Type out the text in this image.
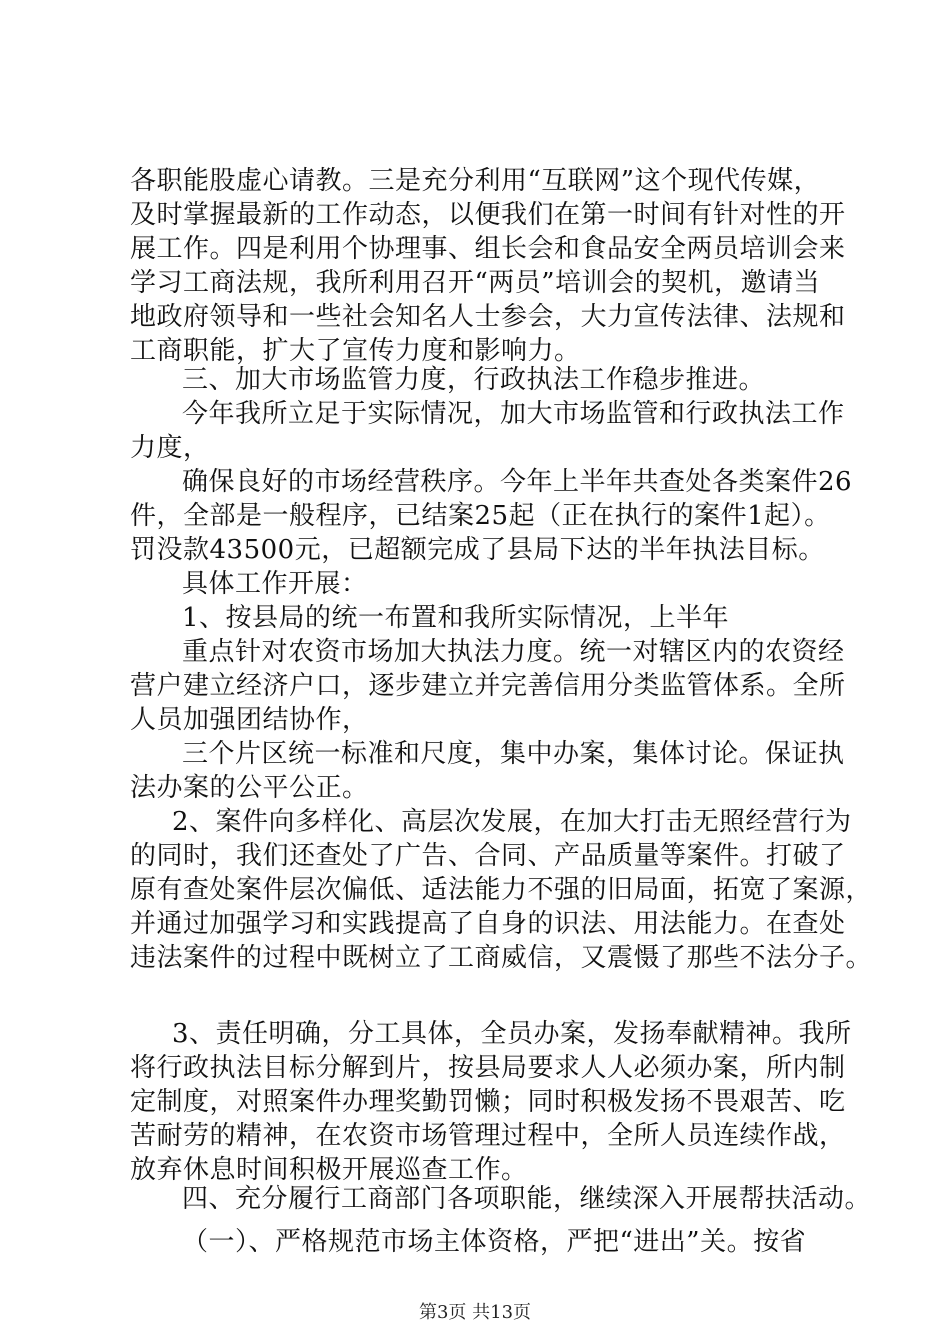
各职能股虚心请教。三是充分利用“互联网”这个现代传媒，
及时掌握最新的工作动态，以便我们在第一时间有针对性的开
展工作。四是利用个协理事、组长会和食品安全两员培训会来
学习工商法规，我所利用召开“两员”培训会的契机，邀请当
地政府领导和一些社会知名人士参会，大力宣传法律、法规和
工商职能，扩大了宣传力度和影响力。
三、加大市场监管力度，行政执法工作稳步推进。
今年我所立足于实际情况，加大市场监管和行政执法工作
力度，
确保良好的市场经营秩序。今年上半年共查处各类案件26
件，全部是一般程序，已结案25起（正在执行的案件1起）。
罚没款43500元，已超额完成了县局下达的半年执法目标。
具体工作开展：
1、按县局的统一布置和我所实际情况，上半年
重点针对农资市场加大执法力度。统一对辖区内的农资经
营户建立经济户口，逐步建立并完善信用分类监管体系。全所
人员加强团结协作，
三个片区统一标准和尺度，集中办案，集体讨论。保证执
法办案的公平公正。
2、案件向多样化、高层次发展，在加大打击无照经营行为
的同时，我们还查处了广告、合同、产品质量等案件。打破了
原有查处案件层次偏低、适法能力不强的旧局面，拓宽了案源，
并通过加强学习和实践提高了自身的识法、用法能力。在查处
违法案件的过程中既树立了工商威信，又震慑了那些不法分子。
3、责任明确，分工具体，全员办案，发扬奉献精神。我所
将行政执法目标分解到片，按县局要求人人必须办案，所内制
定制度，对照案件办理奖勤罚懒；同时积极发扬不畏艰苦、吃
苦耐劳的精神，在农资市场管理过程中，全所人员连续作战，
放弃休息时间积极开展巡查工作。
四、充分履行工商部门各项职能，继续深入开展帮扶活动。
（一）、严格规范市场主体资格，严把“进出”关。按省
第3页 共13页
